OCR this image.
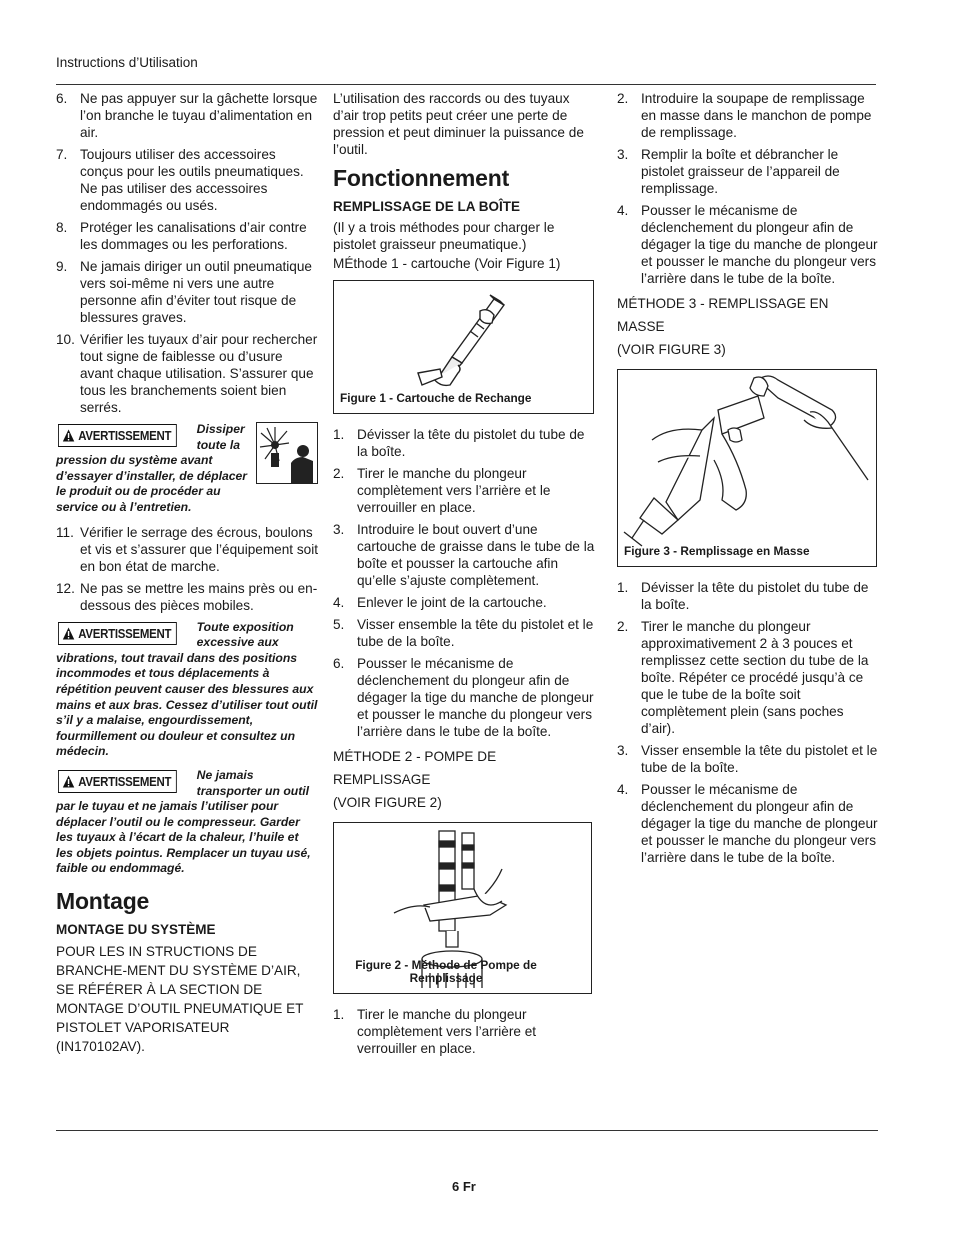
Instructions d’Utilisation
6. Ne pas appuyer sur la gâchette lorsque l’on branche le tuyau d’alimentation en air.
7. Toujours utiliser des accessoires conçus pour les outils pneumatiques. Ne pas utiliser des accessoires endommagés ou usés.
8. Protéger les canalisations d’air contre les dommages ou les perforations.
9. Ne jamais diriger un outil pneumatique vers soi-même ni vers une autre personne afin d’éviter tout risque de blessures graves.
10. Vérifier les tuyaux d’air pour rechercher tout signe de faiblesse ou d’usure avant chaque utilisation. S’assurer que tous les branchements soient bien serrés.
AVERTISSEMENT	Dissiper toute la pression du système avant d’essayer d’installer, de déplacer le produit ou de procéder au service ou à l’entretien.
11. Vérifier le serrage des écrous, boulons et vis et s’assurer que l’équipement soit en bon état de marche.
12. Ne pas se mettre les mains près ou en-dessous des pièces mobiles.
AVERTISSEMENT	Toute exposition excessive aux vibrations, tout travail dans des positions incommodes et tous déplacements à répétition peuvent causer des blessures aux mains et aux bras. Cessez d’utiliser tout outil s’il y a malaise, engourdissement, fourmillement ou douleur et consultez un médecin.
AVERTISSEMENT	Ne jamais transporter un outil par le tuyau et ne jamais l’utiliser pour déplacer l’outil ou le compresseur. Garder les tuyaux à l’écart de la chaleur, l’huile et les objets pointus. Remplacer un tuyau usé, faible ou endommagé.
Montage
MONTAGE DU SYSTÈME

POUR LES IN STRUCTIONS DE BRANCHE-MENT DU SYSTÈME D’AIR, SE RÉFÉRER À LA SECTION DE MONTAGE D’OUTIL PNEUMATIQUE ET PISTOLET VAPORISATEUR (IN170102AV).

L’utilisation des raccords ou des tuyaux d’air trop petits peut créer une perte de pression et peut diminuer la puissance de l’outil.

Fonctionnement
REMPLISSAGE DE LA BOÎTE

(Il y a trois méthodes pour charger le pistolet graisseur pneumatique.)

MÉthode 1 - cartouche (Voir Figure 1)

Figure 1 - Cartouche de Rechange
1. Dévisser la tête du pistolet du tube de la boîte.
2. Tirer le manche du plongeur complètement vers l’arrière et le verrouiller en place.
3. Introduire le bout ouvert d’une cartouche de graisse dans le tube de la boîte et pousser la cartouche afin qu’elle s’ajuste complètement.
4. Enlever le joint de la cartouche.
5. Visser ensemble la tête du pistolet et le tube de la boîte.
6. Pousser le mécanisme de déclenchement du plongeur afin de dégager la tige du manche de plongeur et pousser le manche du plongeur vers l’arrière dans le tube de la boîte.

MÉTHODE 2 - POMPE DE REMPLISSAGE

(VOIR FIGURE 2)

Figure 2 - Méthode de Pompe de
Remplissage
1. Tirer le manche du plongeur complètement vers l’arrière et verrouiller en place.
2. Introduire la soupape de remplissage en masse dans le manchon de pompe de remplissage.
3. Remplir la boîte et débrancher le pistolet graisseur de l’appareil de remplissage.
4. Pousser le mécanisme de déclenchement du plongeur afin de dégager la tige du manche de plongeur et pousser le manche du plongeur vers l’arrière dans le tube de la boîte.

MÉTHODE 3 - REMPLISSAGE EN MASSE

(VOIR FIGURE 3)

Figure 3 - Remplissage en Masse
1. Dévisser la tête du pistolet du tube de la boîte.
2. Tirer le manche du plongeur approximativement 2 à 3 pouces et remplissez cette section du tube de la boîte. Répéter ce procédé jusqu’à ce que le tube de la boîte soit complètement plein (sans poches d’air).
3. Visser ensemble la tête du pistolet et le tube de la boîte.
4. Pousser le mécanisme de déclenchement du plongeur afin de dégager la tige du manche de plongeur et pousser le manche du plongeur vers l’arrière dans le tube de la boîte.
6 Fr
